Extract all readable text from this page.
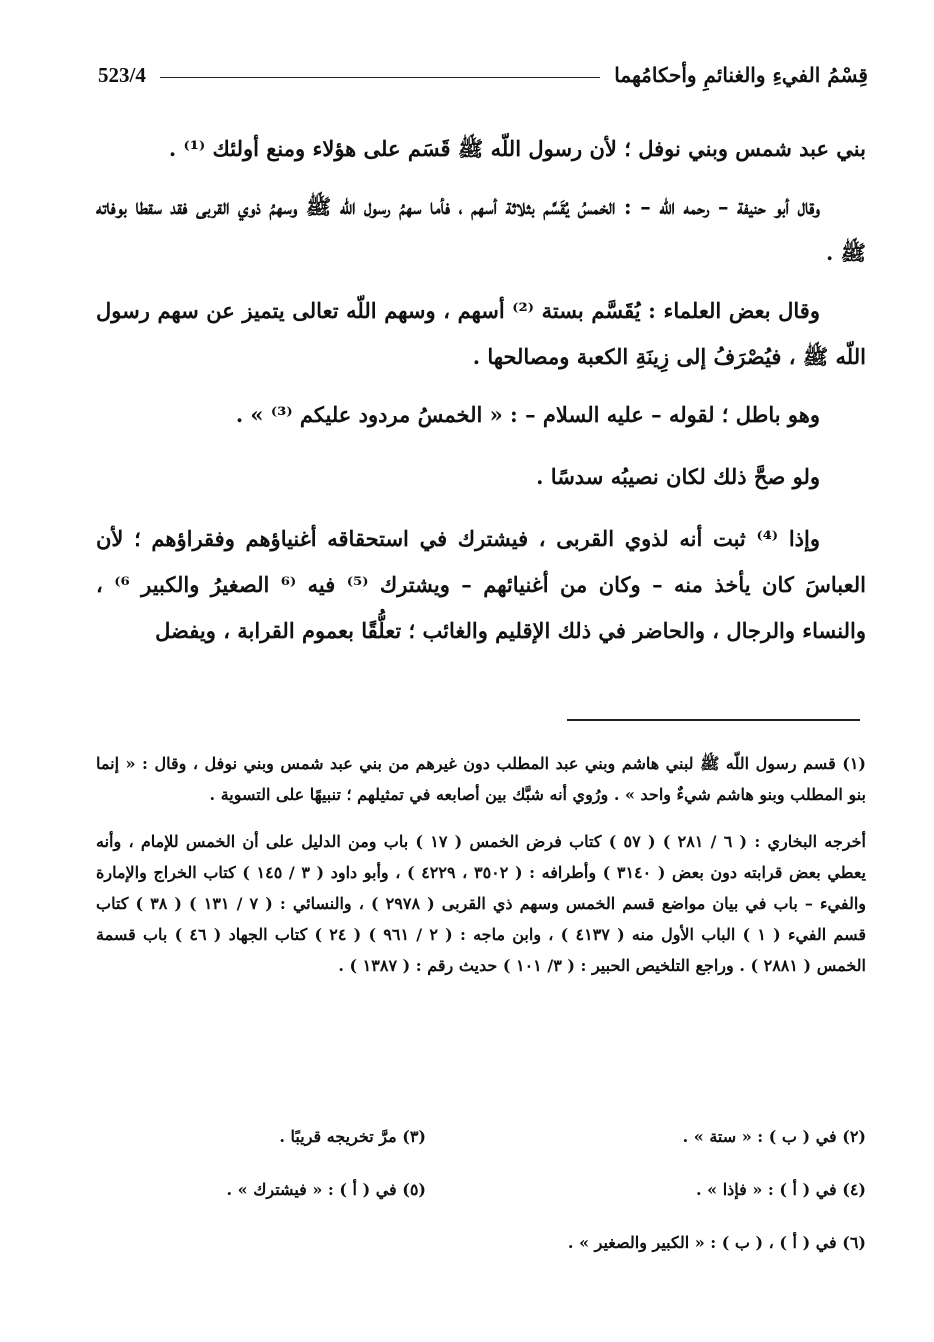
523/4	قِسْمُ الفيءِ والغنائمِ وأحكامُهما

بني عبد شمس وبني نوفل ؛ لأن رسول اللّه ﷺ قَسَم على هؤلاء ومنع أولئك ⁽¹⁾ .

وقال أبو حنيفة – رحمه اللّه – : الخمسُ يُقَسَّم بثلاثة أسهم ، فأما سهمُ رسول اللّه ﷺ وسهمُ ذوي القربى فقد سقطا بوفاته ﷺ .

وقال بعض العلماء : يُقَسَّم بستة ⁽²⁾ أسهم ، وسهم اللّه تعالى يتميز عن سهم رسول اللّه ﷺ ، فيُصْرَفُ إلى زِينَةِ الكعبة ومصالحها .

وهو باطل ؛ لقوله – عليه السلام – : « الخمسُ مردود عليكم ⁽³⁾ » .

ولو صحَّ ذلك لكان نصيبُه سدسًا .

وإذا ⁽⁴⁾ ثبت أنه لذوي القربى ، فيشترك في استحقاقه أغنياؤهم وفقراؤهم ؛ لأن العباسَ كان يأخذ منه – وكان من أغنيائهم – ويشترك ⁽⁵⁾ فيه ⁽⁶ الصغيرُ والكبير ⁶⁾ ، والنساء والرجال ، والحاضر في ذلك الإقليم والغائب ؛ تعلُّقًا بعموم القرابة ، ويفضل

(١) قسم رسول اللّه ﷺ لبني هاشم وبني عبد المطلب دون غيرهم من بني عبد شمس وبني نوفل ، وقال : « إنما بنو المطلب وبنو هاشم شيءٌ واحد » . ورُوي أنه شبَّك بين أصابعه في تمثيلهم ؛ تنبيهًا على التسوية .

أخرجه البخاري : ( ٦ / ٢٨١ ) ( ٥٧ ) كتاب فرض الخمس ( ١٧ ) باب ومن الدليل على أن الخمس للإمام ، وأنه يعطي بعض قرابته دون بعض ( ٣١٤٠ ) وأطرافه : ( ٣٥٠٢ ، ٤٢٢٩ ) ، وأبو داود ( ٣ / ١٤٥ ) كتاب الخراج والإمارة والفيء – باب في بيان مواضع قسم الخمس وسهم ذي القربى ( ٢٩٧٨ ) ، والنسائي : ( ٧ / ١٣١ ) ( ٣٨ ) كتاب قسم الفيء ( ١ ) الباب الأول منه ( ٤١٣٧ ) ، وابن ماجه : ( ٢ / ٩٦١ ) ( ٢٤ ) كتاب الجهاد ( ٤٦ ) باب قسمة الخمس ( ٢٨٨١ ) . وراجع التلخيص الحبير : ( ٣/ ١٠١ ) حديث رقم : ( ١٣٨٧ ) .

(٢) في ( ب ) : « ستة » .
(٣) مرَّ تخريجه قريبًا .
(٤) في ( أ ) : « فإذا » .
(٥) في ( أ ) : « فيشترك » .
(٦) في ( أ ) ، ( ب ) : « الكبير والصغير » .
